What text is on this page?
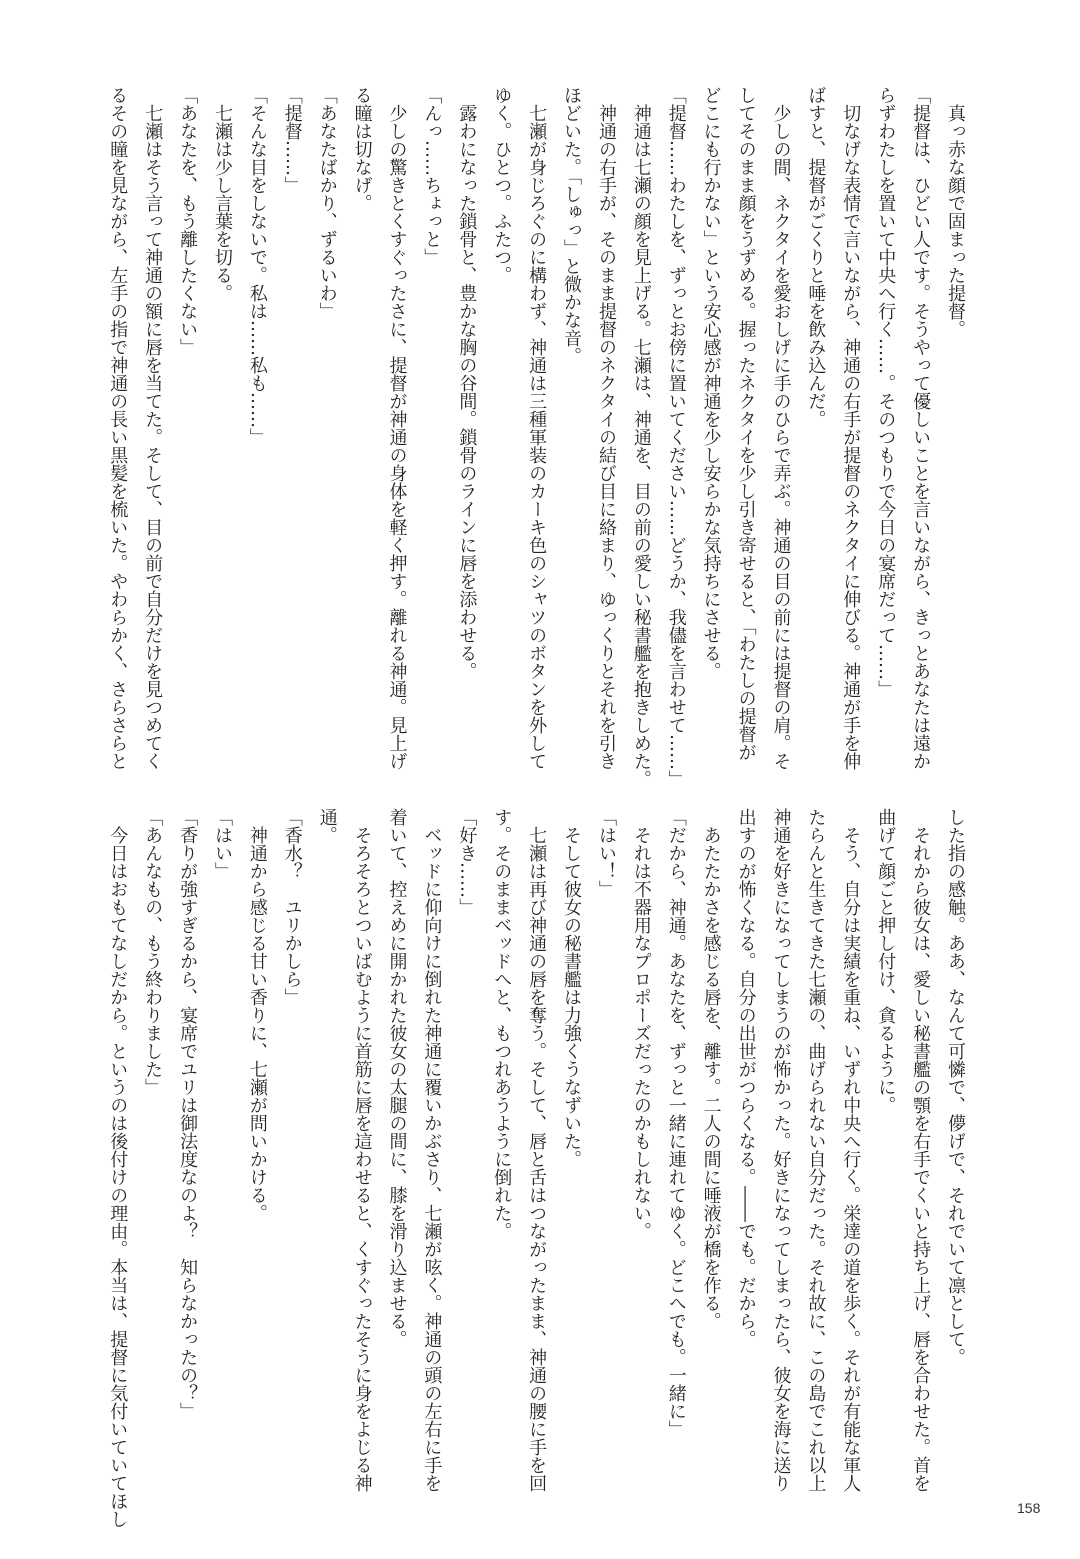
　真っ赤な顔で固まった提督。
「提督は、ひどい人です。そうやって優しいことを言いながら、きっとあなたは遠か
らずわたしを置いて中央へ行く……。そのつもりで今日の宴席だって……」
　切なげな表情で言いながら、神通の右手が提督のネクタイに伸びる。神通が手を伸
ばすと、提督がごくりと唾を飲み込んだ。
　少しの間、ネクタイを愛おしげに手のひらで弄ぶ。神通の目の前には提督の肩。そ
してそのまま顔をうずめる。握ったネクタイを少し引き寄せると、「わたしの提督が
どこにも行かない」という安心感が神通を少し安らかな気持ちにさせる。
「提督……わたしを、ずっとお傍に置いてください……どうか、我儘を言わせて……」
　神通は七瀬の顔を見上げる。七瀬は、神通を、目の前の愛しい秘書艦を抱きしめた。
　神通の右手が、そのまま提督のネクタイの結び目に絡まり、ゆっくりとそれを引き
ほどいた。「しゅっ」と微かな音。
　七瀬が身じろぐのに構わず、神通は三種軍装のカーキ色のシャツのボタンを外して
ゆく。ひとつ。ふたつ。
　露わになった鎖骨と、豊かな胸の谷間。鎖骨のラインに唇を添わせる。
「んっ……ちょっと」
　少しの驚きとくすぐったさに、提督が神通の身体を軽く押す。離れる神通。見上げ
る瞳は切なげ。
「あなたばかり、ずるいわ」
「提督……」
「そんな目をしないで。私は……私も……」
　七瀬は少し言葉を切る。
「あなたを、もう離したくない」
　七瀬はそう言って神通の額に唇を当てた。そして、目の前で自分だけを見つめてく
るその瞳を見ながら、左手の指で神通の長い黒髪を梳いた。やわらかく、さらさらと
した指の感触。ああ、なんて可憐で、儚げで、それでいて凛として。
　それから彼女は、愛しい秘書艦の顎を右手でくいと持ち上げ、唇を合わせた。首を
曲げて顔ごと押し付け、貪るように。
　そう、自分は実績を重ね、いずれ中央へ行く。栄達の道を歩く。それが有能な軍人
たらんと生きてきた七瀬の、曲げられない自分だった。それ故に、この島でこれ以上
神通を好きになってしまうのが怖かった。好きになってしまったら、彼女を海に送り
出すのが怖くなる。自分の出世がつらくなる。――でも。だから。
　あたたかさを感じる唇を、離す。二人の間に唾液が橋を作る。
「だから、神通。あなたを、ずっと一緒に連れてゆく。どこへでも。一緒に」
　それは不器用なプロポーズだったのかもしれない。
「はい！」
　そして彼女の秘書艦は力強くうなずいた。
　七瀬は再び神通の唇を奪う。そして、唇と舌はつながったまま、神通の腰に手を回
す。そのままベッドへと、もつれあうように倒れた。
「好き……」
　ベッドに仰向けに倒れた神通に覆いかぶさり、七瀬が呟く。神通の頭の左右に手を
着いて、控えめに開かれた彼女の太腿の間に、膝を滑り込ませる。
　そろそろとついばむように首筋に唇を這わせると、くすぐったそうに身をよじる神
通。
「香水？　ユリかしら」
　神通から感じる甘い香りに、七瀬が問いかける。
「はい」
「香りが強すぎるから、宴席でユリは御法度なのよ？　知らなかったの？」
「あんなもの、もう終わりました」
　今日はおもてなしだから。というのは後付けの理由。本当は、提督に気付いていてほし	158
